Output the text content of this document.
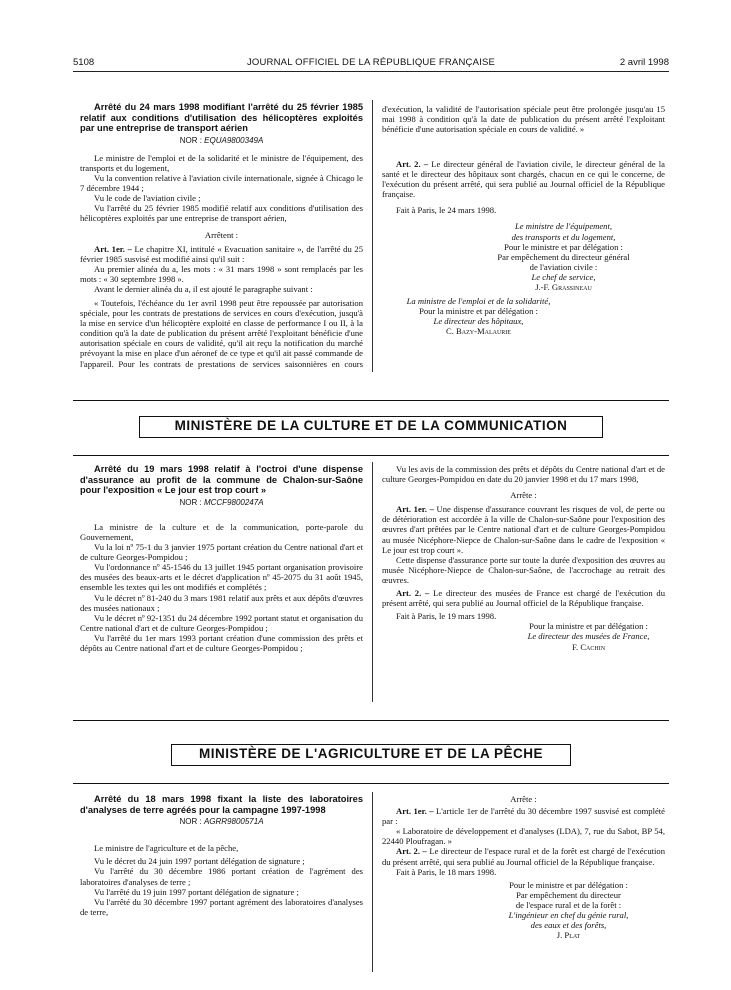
5108	JOURNAL OFFICIEL DE LA RÉPUBLIQUE FRANÇAISE	2 avril 1998

Arrêté du 24 mars 1998 modifiant l'arrêté du 25 février 1985 relatif aux conditions d'utilisation des hélicoptères exploités par une entreprise de transport aérien

NOR : EQUA9800349A

Le ministre de l'emploi et de la solidarité et le ministre de l'équipement, des transports et du logement,

Vu la convention relative à l'aviation civile internationale, signée à Chicago le 7 décembre 1944 ;

Vu le code de l'aviation civile ;

Vu l'arrêté du 25 février 1985 modifié relatif aux conditions d'utilisation des hélicoptères exploités par une entreprise de transport aérien,

Arrêtent :

Art. 1er. – Le chapitre XI, intitulé « Evacuation sanitaire », de l'arrêté du 25 février 1985 susvisé est modifié ainsi qu'il suit :

Au premier alinéa du a, les mots : « 31 mars 1998 » sont remplacés par les mots : « 30 septembre 1998 ».

Avant le dernier alinéa du a, il est ajouté le paragraphe suivant :

« Toutefois, l'échéance du 1er avril 1998 peut être repoussée par autorisation spéciale, pour les contrats de prestations de services en cours d'exécution, jusqu'à la mise en service d'un hélicoptère exploité en classe de performance I ou II, à la condition qu'à la date de publication du présent arrêté l'exploitant bénéficie d'une autorisation spéciale en cours de validité, qu'il ait reçu la notification du marché prévoyant la mise en place d'un aéronef de ce type et qu'il ait passé commande de l'appareil. Pour les contrats de prestations de services saisonnières en cours

d'exécution, la validité de l'autorisation spéciale peut être prolongée jusqu'au 15 mai 1998 à condition qu'à la date de publication du présent arrêté l'exploitant bénéficie d'une autorisation spéciale en cours de validité. »

Art. 2. – Le directeur général de l'aviation civile, le directeur général de la santé et le directeur des hôpitaux sont chargés, chacun en ce qui le concerne, de l'exécution du présent arrêté, qui sera publié au Journal officiel de la République française.

Fait à Paris, le 24 mars 1998.

Le ministre de l'équipement,

des transports et du logement,

Pour le ministre et par délégation :

Par empêchement du directeur général

de l'aviation civile :

Le chef de service,

J.-F. Grassineau

La ministre de l'emploi et de la solidarité,

Pour la ministre et par délégation :

Le directeur des hôpitaux,

C. Bazy-Malaurie

MINISTÈRE DE LA CULTURE ET DE LA COMMUNICATION

Arrêté du 19 mars 1998 relatif à l'octroi d'une dispense d'assurance au profit de la commune de Chalon-sur-Saône pour l'exposition « Le jour est trop court »

NOR : MCCF9800247A

La ministre de la culture et de la communication, porte-parole du Gouvernement,

Vu la loi nº 75-1 du 3 janvier 1975 portant création du Centre national d'art et de culture Georges-Pompidou ;

Vu l'ordonnance nº 45-1546 du 13 juillet 1945 portant organisation provisoire des musées des beaux-arts et le décret d'application nº 45-2075 du 31 août 1945, ensemble les textes qui les ont modifiés et complétés ;

Vu le décret nº 81-240 du 3 mars 1981 relatif aux prêts et aux dépôts d'œuvres des musées nationaux ;

Vu le décret nº 92-1351 du 24 décembre 1992 portant statut et organisation du Centre national d'art et de culture Georges-Pompidou ;

Vu l'arrêté du 1er mars 1993 portant création d'une commission des prêts et dépôts au Centre national d'art et de culture Georges-Pompidou ;

Vu les avis de la commission des prêts et dépôts du Centre national d'art et de culture Georges-Pompidou en date du 20 janvier 1998 et du 17 mars 1998,

Arrête :

Art. 1er. – Une dispense d'assurance couvrant les risques de vol, de perte ou de détérioration est accordée à la ville de Chalon-sur-Saône pour l'exposition des œuvres d'art prêtées par le Centre national d'art et de culture Georges-Pompidou au musée Nicéphore-Niepce de Chalon-sur-Saône dans le cadre de l'exposition « Le jour est trop court ».

Cette dispense d'assurance porte sur toute la durée d'exposition des œuvres au musée Nicéphore-Niepce de Chalon-sur-Saône, de l'accrochage au retrait des œuvres.

Art. 2. – Le directeur des musées de France est chargé de l'exécution du présent arrêté, qui sera publié au Journal officiel de la République française.

Fait à Paris, le 19 mars 1998.

Pour la ministre et par délégation :

Le directeur des musées de France,

F. Cachin

MINISTÈRE DE L'AGRICULTURE ET DE LA PÊCHE

Arrêté du 18 mars 1998 fixant la liste des laboratoires d'analyses de terre agréés pour la campagne 1997-1998

NOR : AGRR9800571A

Le ministre de l'agriculture et de la pêche,

Vu le décret du 24 juin 1997 portant délégation de signature ;

Vu l'arrêté du 30 décembre 1986 portant création de l'agrément des laboratoires d'analyses de terre ;

Vu l'arrêté du 19 juin 1997 portant délégation de signature ;

Vu l'arrêté du 30 décembre 1997 portant agrément des laboratoires d'analyses de terre,

Arrête :

Art. 1er. – L'article 1er de l'arrêté du 30 décembre 1997 susvisé est complété par :

« Laboratoire de développement et d'analyses (LDA), 7, rue du Sabot, BP 54, 22440 Ploufragan. »

Art. 2. – Le directeur de l'espace rural et de la forêt est chargé de l'exécution du présent arrêté, qui sera publié au Journal officiel de la République française.

Fait à Paris, le 18 mars 1998.

Pour le ministre et par délégation :

Par empêchement du directeur

de l'espace rural et de la forêt :

L'ingénieur en chef du génie rural,

des eaux et des forêts,

J. Plat
